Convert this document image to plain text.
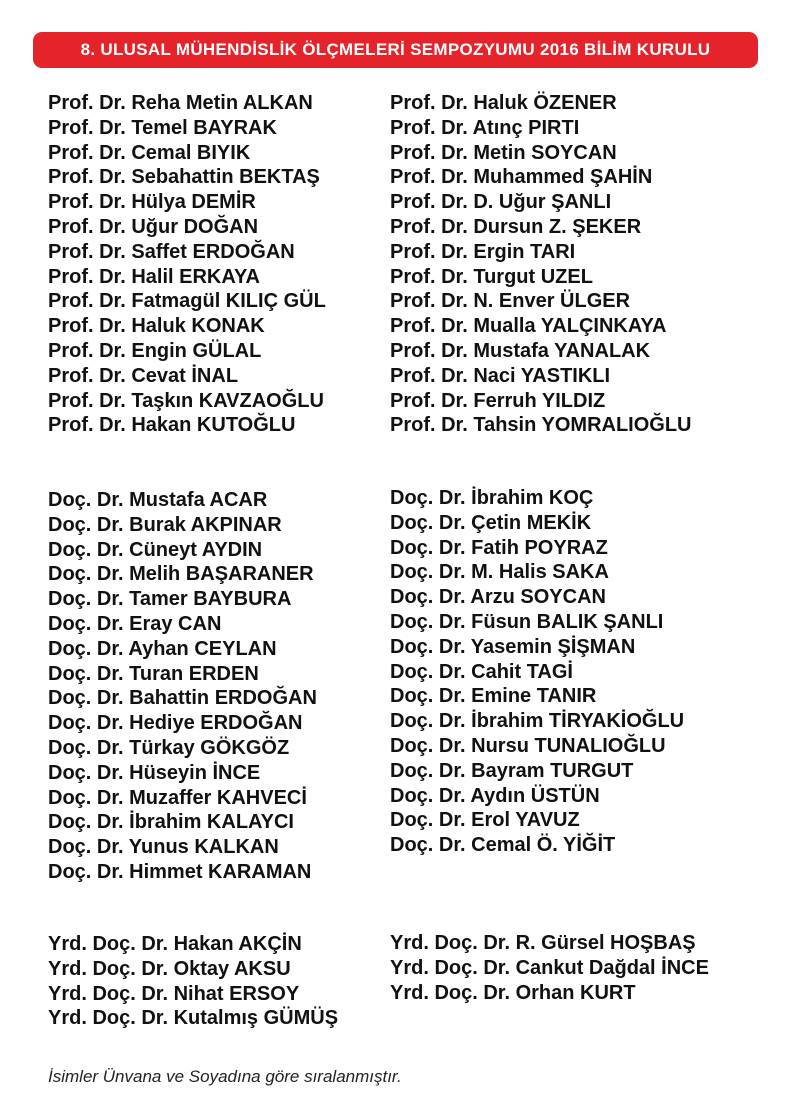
8. ULUSAL MÜHENDİSLİK ÖLÇMELERİ SEMPOZYUMU 2016 BİLİM KURULU
Prof. Dr. Reha Metin ALKAN
Prof. Dr. Temel BAYRAK
Prof. Dr. Cemal BIYIK
Prof. Dr. Sebahattin BEKTAŞ
Prof. Dr. Hülya DEMİR
Prof. Dr. Uğur DOĞAN
Prof. Dr. Saffet ERDOĞAN
Prof. Dr. Halil ERKAYA
Prof. Dr. Fatmagül KILIÇ GÜL
Prof. Dr. Haluk KONAK
Prof. Dr. Engin GÜLAL
Prof. Dr. Cevat İNAL
Prof. Dr. Taşkın KAVZAOĞLU
Prof. Dr. Hakan KUTOĞLU
Prof. Dr. Haluk ÖZENER
Prof. Dr. Atınç PIRTI
Prof. Dr. Metin SOYCAN
Prof. Dr. Muhammed ŞAHİN
Prof. Dr. D. Uğur ŞANLI
Prof. Dr. Dursun Z. ŞEKER
Prof. Dr. Ergin TARI
Prof. Dr. Turgut UZEL
Prof. Dr. N. Enver ÜLGER
Prof. Dr. Mualla YALÇINKAYA
Prof. Dr. Mustafa YANALAK
Prof. Dr. Naci YASTIKLI
Prof. Dr. Ferruh YILDIZ
Prof. Dr. Tahsin YOMRALIOĞLU
Doç. Dr. Mustafa ACAR
Doç. Dr. Burak AKPINAR
Doç. Dr. Cüneyt AYDIN
Doç. Dr. Melih BAŞARANER
Doç. Dr. Tamer BAYBURA
Doç. Dr. Eray CAN
Doç. Dr. Ayhan CEYLAN
Doç. Dr. Turan ERDEN
Doç. Dr. Bahattin ERDOĞAN
Doç. Dr. Hediye ERDOĞAN
Doç. Dr. Türkay GÖKGÖZ
Doç. Dr. Hüseyin İNCE
Doç. Dr. Muzaffer KAHVECİ
Doç. Dr. İbrahim KALAYCI
Doç. Dr. Yunus KALKAN
Doç. Dr. Himmet KARAMAN
Doç. Dr. İbrahim KOÇ
Doç. Dr. Çetin MEKİK
Doç. Dr. Fatih POYRAZ
Doç. Dr. M. Halis SAKA
Doç. Dr. Arzu SOYCAN
Doç. Dr. Füsun BALIK ŞANLI
Doç. Dr. Yasemin ŞİŞMAN
Doç. Dr. Cahit TAGİ
Doç. Dr. Emine TANIR
Doç. Dr. İbrahim TİRYAKİOĞLU
Doç. Dr. Nursu TUNALIOĞLU
Doç. Dr. Bayram TURGUT
Doç. Dr. Aydın ÜSTÜN
Doç. Dr. Erol YAVUZ
Doç. Dr. Cemal Ö. YİĞİT
Yrd. Doç. Dr. Hakan AKÇİN
Yrd. Doç. Dr. Oktay AKSU
Yrd. Doç. Dr. Nihat ERSOY
Yrd. Doç. Dr. Kutalmış GÜMÜŞ
Yrd. Doç. Dr. R. Gürsel HOŞBAŞ
Yrd. Doç. Dr. Cankut Dağdal İNCE
Yrd. Doç. Dr. Orhan KURT
İsimler Ünvana ve Soyadına göre sıralanmıştır.
